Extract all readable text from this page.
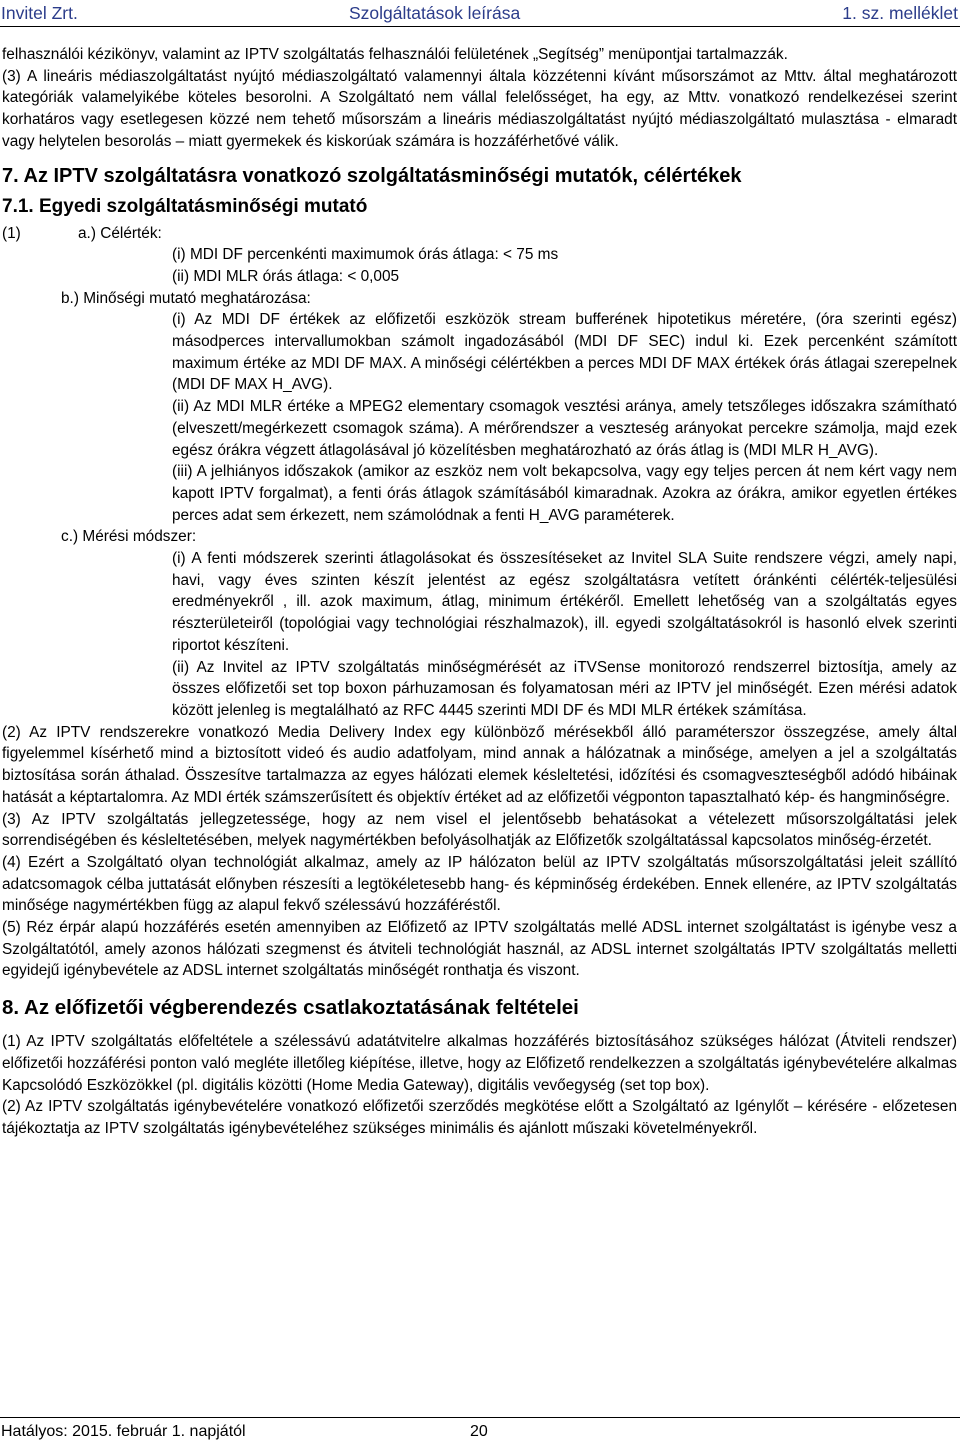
Invitel Zrt.	Szolgáltatások leírása	1. sz. melléklet

felhasználói kézikönyv, valamint az IPTV szolgáltatás felhasználói felületének „Segítség” menüpontjai tartalmazzák.

(3) A lineáris médiaszolgáltatást nyújtó médiaszolgáltató valamennyi általa közzétenni kívánt műsorszámot az Mttv. által meghatározott kategóriák valamelyikébe köteles besorolni. A Szolgáltató nem vállal felelősséget, ha egy, az Mttv. vonatkozó rendelkezései szerint korhatáros vagy esetlegesen közzé nem tehető műsorszám a lineáris médiaszolgáltatást nyújtó médiaszolgáltató mulasztása - elmaradt vagy helytelen besorolás – miatt gyermekek és kiskorúak számára is hozzáférhetővé válik.

7. Az IPTV szolgáltatásra vonatkozó szolgáltatásminőségi mutatók, célértékek
7.1. Egyedi szolgáltatásminőségi mutató
(1)	a.) Célérték:

(i) MDI DF percenkénti maximumok órás átlaga: < 75 ms

(ii) MDI MLR órás átlaga: < 0,005

b.) Minőségi mutató meghatározása:

(i) Az MDI DF értékek az előfizetői eszközök stream bufferének hipotetikus méretére, (óra szerinti egész) másodperces intervallumokban számolt ingadozásából (MDI DF SEC) indul ki. Ezek percenként számított maximum értéke az MDI DF MAX. A minőségi célértékben a perces MDI DF MAX értékek órás átlagai szerepelnek (MDI DF MAX H_AVG).

(ii) Az MDI MLR értéke a MPEG2 elementary csomagok vesztési aránya, amely tetszőleges időszakra számítható (elveszett/megérkezett csomagok száma). A mérőrendszer a veszteség arányokat percekre számolja, majd ezek egész órákra végzett átlagolásával jó közelítésben meghatározható az órás átlag is (MDI MLR H_AVG).

(iii) A jelhiányos időszakok (amikor az eszköz nem volt bekapcsolva, vagy egy teljes percen át nem kért vagy nem kapott IPTV forgalmat), a fenti órás átlagok számításából kimaradnak. Azokra az órákra, amikor egyetlen értékes perces adat sem érkezett, nem számolódnak a fenti H_AVG paraméterek.

c.) Mérési módszer:

(i) A fenti módszerek szerinti átlagolásokat és összesítéseket az Invitel SLA Suite rendszere végzi, amely napi, havi, vagy éves szinten készít jelentést az egész szolgáltatásra vetített óránkénti célérték-teljesülési eredményekről , ill. azok maximum, átlag, minimum értékéről. Emellett lehetőség van a szolgáltatás egyes részterületeiről (topológiai vagy technológiai részhalmazok), ill. egyedi szolgáltatásokról is hasonló elvek szerinti riportot készíteni.

(ii) Az Invitel az IPTV szolgáltatás minőségmérését az iTVSense monitorozó rendszerrel biztosítja, amely az összes előfizetői set top boxon párhuzamosan és folyamatosan méri az IPTV jel minőségét. Ezen mérési adatok között jelenleg is megtalálható az RFC 4445 szerinti MDI DF és MDI MLR értékek számítása.

(2) Az IPTV rendszerekre vonatkozó Media Delivery Index egy különböző mérésekből álló paraméterszor összegzése, amely által figyelemmel kísérhető mind a biztosított videó és audio adatfolyam, mind annak a hálózatnak a minősége, amelyen a jel a szolgáltatás biztosítása során áthalad. Összesítve tartalmazza az egyes hálózati elemek késleltetési, időzítési és csomagveszteségből adódó hibáinak hatását a képtartalomra. Az MDI érték számszerűsített és objektív értéket ad az előfizetői végponton tapasztalható kép- és hangminőségre.

(3) Az IPTV szolgáltatás jellegzetessége, hogy az nem visel el jelentősebb behatásokat a vételezett műsorszolgáltatási jelek sorrendiségében és késleltetésében, melyek nagymértékben befolyásolhatják az Előfizetők szolgáltatással kapcsolatos minőség-érzetét.

(4) Ezért a Szolgáltató olyan technológiát alkalmaz, amely az IP hálózaton belül az IPTV szolgáltatás műsorszolgáltatási jeleit szállító adatcsomagok célba juttatását előnyben részesíti a legtökéletesebb hang- és képminőség érdekében. Ennek ellenére, az IPTV szolgáltatás minősége nagymértékben függ az alapul fekvő szélessávú hozzáféréstől.

(5) Réz érpár alapú hozzáférés esetén amennyiben az Előfizető az IPTV szolgáltatás mellé ADSL internet szolgáltatást is igénybe vesz a Szolgáltatótól, amely azonos hálózati szegmenst és átviteli technológiát használ, az ADSL internet szolgáltatás IPTV szolgáltatás melletti egyidejű igénybevétele az ADSL internet szolgáltatás minőségét ronthatja és viszont.

8. Az előfizetői végberendezés csatlakoztatásának feltételei

(1) Az IPTV szolgáltatás előfeltétele a szélessávú adatátvitelre alkalmas hozzáférés biztosításához szükséges hálózat (Átviteli rendszer) előfizetői hozzáférési ponton való megléte illetőleg kiépítése, illetve, hogy az Előfizető rendelkezzen a szolgáltatás igénybevételére alkalmas Kapcsolódó Eszközökkel (pl. digitális közötti (Home Media Gateway), digitális vevőegység (set top box).

(2) Az IPTV szolgáltatás igénybevételére vonatkozó előfizetői szerződés megkötése előtt a Szolgáltató az Igénylőt – kérésére - előzetesen tájékoztatja az IPTV szolgáltatás igénybevételéhez szükséges minimális és ajánlott műszaki követelményekről.

Hatályos: 2015. február 1. napjától	20
